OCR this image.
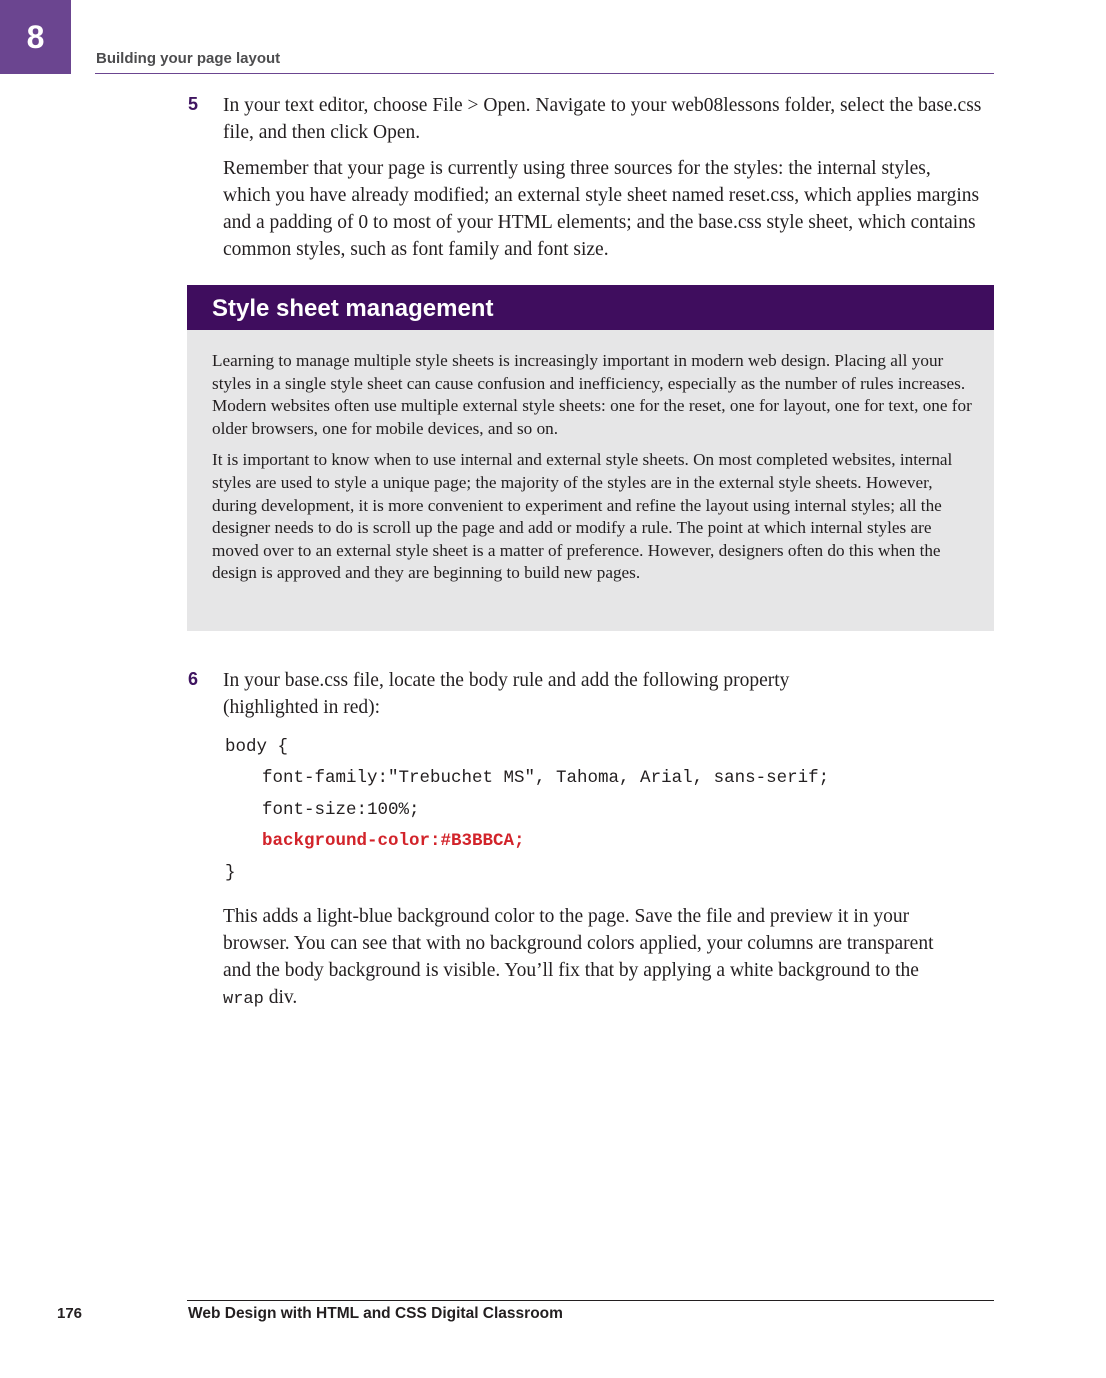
8
Building your page layout
5 In your text editor, choose File > Open. Navigate to your web08lessons folder, select the base.css file, and then click Open.
Remember that your page is currently using three sources for the styles: the internal styles, which you have already modified; an external style sheet named reset.css, which applies margins and a padding of 0 to most of your HTML elements; and the base.css style sheet, which contains common styles, such as font family and font size.
Style sheet management

Learning to manage multiple style sheets is increasingly important in modern web design. Placing all your styles in a single style sheet can cause confusion and inefficiency, especially as the number of rules increases. Modern websites often use multiple external style sheets: one for the reset, one for layout, one for text, one for older browsers, one for mobile devices, and so on.

It is important to know when to use internal and external style sheets. On most completed websites, internal styles are used to style a unique page; the majority of the styles are in the external style sheets. However, during development, it is more convenient to experiment and refine the layout using internal styles; all the designer needs to do is scroll up the page and add or modify a rule. The point at which internal styles are moved over to an external style sheet is a matter of preference. However, designers often do this when the design is approved and they are beginning to build new pages.

6 In your base.css file, locate the body rule and add the following property (highlighted in red):
body {
font-family:"Trebuchet MS", Tahoma, Arial, sans-serif;
font-size:100%;
background-color:#B3BBCA;
}
This adds a light-blue background color to the page. Save the file and preview it in your browser. You can see that with no background colors applied, your columns are transparent and the body background is visible. You’ll fix that by applying a white background to the wrap div.
176	Web Design with HTML and CSS Digital Classroom
